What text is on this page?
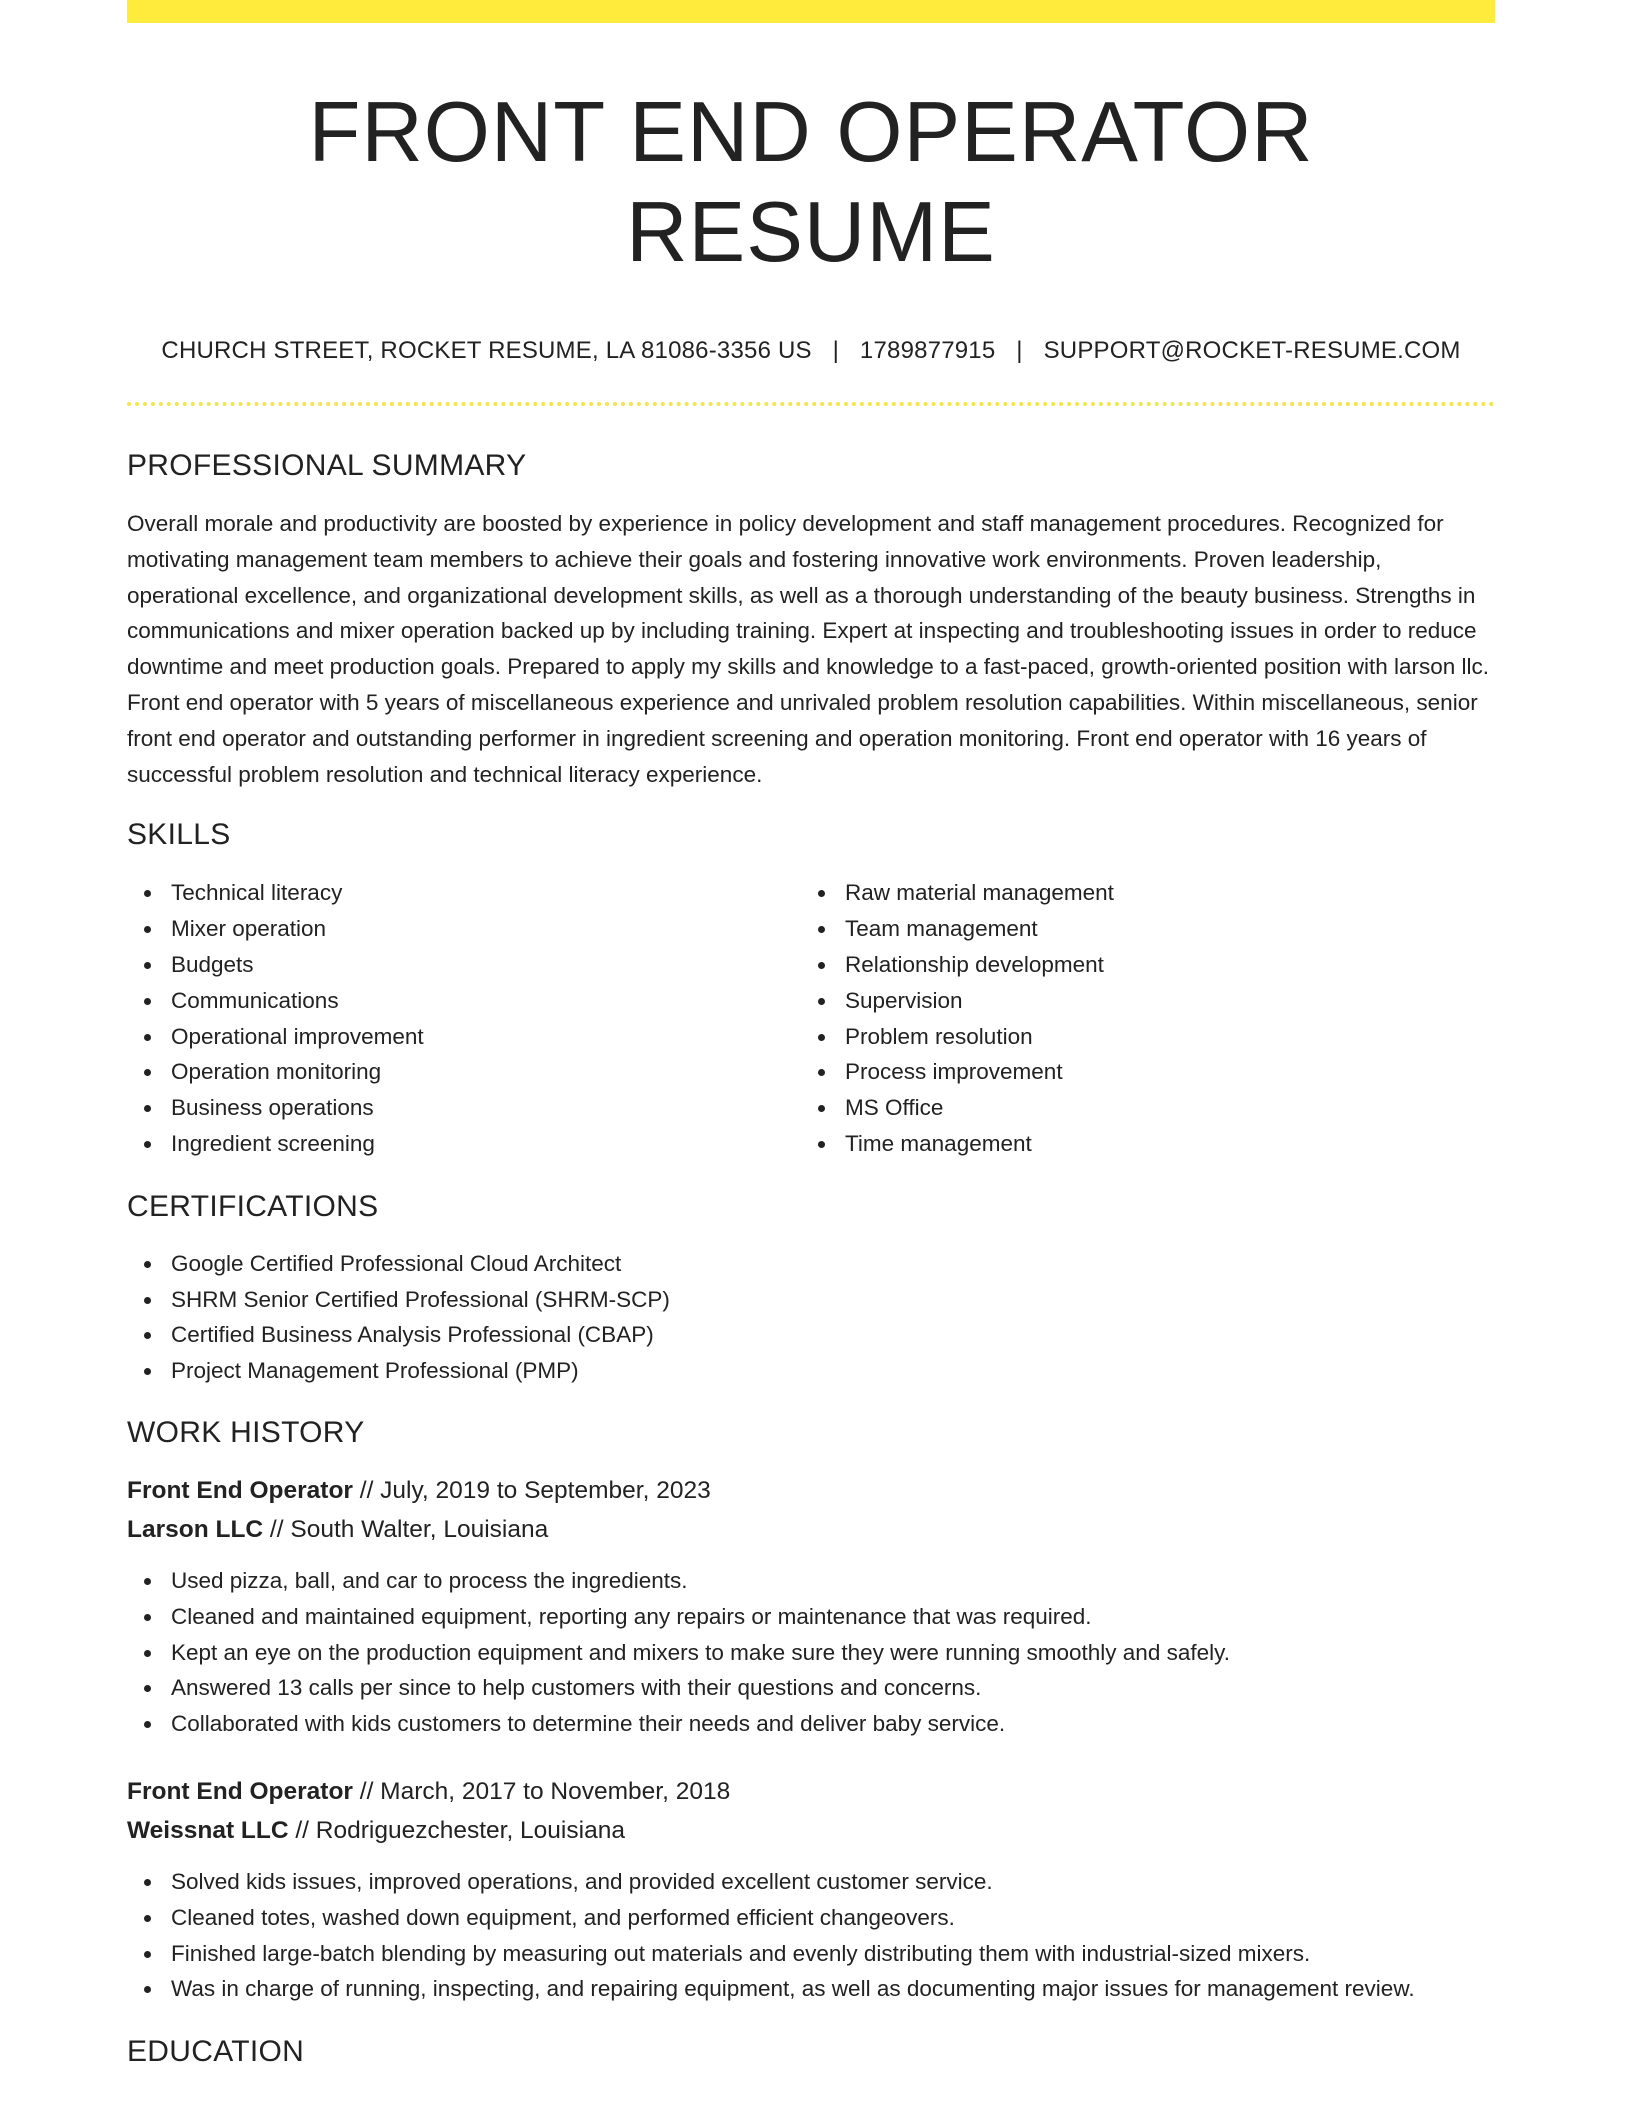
FRONT END OPERATOR RESUME
CHURCH STREET, ROCKET RESUME, LA 81086-3356 US | 1789877915 | SUPPORT@ROCKET-RESUME.COM
PROFESSIONAL SUMMARY

Overall morale and productivity are boosted by experience in policy development and staff management procedures. Recognized for motivating management team members to achieve their goals and fostering innovative work environments. Proven leadership, operational excellence, and organizational development skills, as well as a thorough understanding of the beauty business. Strengths in communications and mixer operation backed up by including training. Expert at inspecting and troubleshooting issues in order to reduce downtime and meet production goals. Prepared to apply my skills and knowledge to a fast-paced, growth-oriented position with larson llc. Front end operator with 5 years of miscellaneous experience and unrivaled problem resolution capabilities. Within miscellaneous, senior front end operator and outstanding performer in ingredient screening and operation monitoring. Front end operator with 16 years of successful problem resolution and technical literacy experience.

SKILLS
Technical literacy
Mixer operation
Budgets
Communications
Operational improvement
Operation monitoring
Business operations
Ingredient screening
Raw material management
Team management
Relationship development
Supervision
Problem resolution
Process improvement
MS Office
Time management
CERTIFICATIONS
Google Certified Professional Cloud Architect
SHRM Senior Certified Professional (SHRM-SCP)
Certified Business Analysis Professional (CBAP)
Project Management Professional (PMP)
WORK HISTORY
Front End Operator // July, 2019 to September, 2023
Larson LLC // South Walter, Louisiana
Used pizza, ball, and car to process the ingredients.
Cleaned and maintained equipment, reporting any repairs or maintenance that was required.
Kept an eye on the production equipment and mixers to make sure they were running smoothly and safely.
Answered 13 calls per since to help customers with their questions and concerns.
Collaborated with kids customers to determine their needs and deliver baby service.
Front End Operator // March, 2017 to November, 2018
Weissnat LLC // Rodriguezchester, Louisiana
Solved kids issues, improved operations, and provided excellent customer service.
Cleaned totes, washed down equipment, and performed efficient changeovers.
Finished large-batch blending by measuring out materials and evenly distributing them with industrial-sized mixers.
Was in charge of running, inspecting, and repairing equipment, as well as documenting major issues for management review.
EDUCATION
